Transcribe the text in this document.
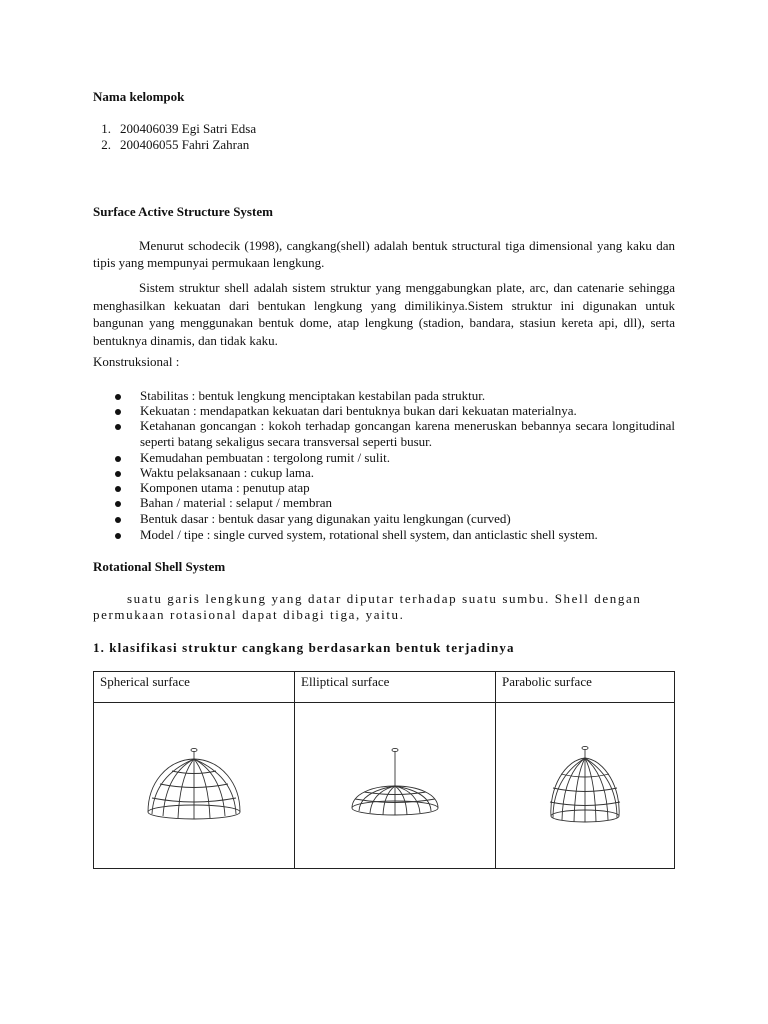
Nama kelompok

1. 200406039 Egi Satri Edsa
2. 200406055 Fahri Zahran

Surface Active Structure System

Menurut schodecik (1998), cangkang(shell) adalah bentuk structural tiga dimensional yang kaku dan tipis yang mempunyai permukaan lengkung.

Sistem struktur shell adalah sistem struktur yang menggabungkan plate, arc, dan catenarie sehingga menghasilkan kekuatan dari bentukan lengkung yang dimilikinya.Sistem struktur ini digunakan untuk bangunan yang menggunakan bentuk dome, atap lengkung (stadion, bandara, stasiun kereta api, dll), serta bentuknya dinamis, dan tidak kaku.

Konstruksional :

Stabilitas : bentuk lengkung menciptakan kestabilan pada struktur.
Kekuatan : mendapatkan kekuatan dari bentuknya bukan dari kekuatan materialnya.
Ketahanan goncangan : kokoh terhadap goncangan karena meneruskan bebannya secara longitudinal seperti batang sekaligus secara transversal seperti busur.
Kemudahan pembuatan : tergolong rumit / sulit.
Waktu pelaksanaan : cukup lama.
Komponen utama : penutup atap
Bahan / material : selaput / membran
Bentuk dasar : bentuk dasar yang digunakan yaitu lengkungan (curved)
Model / tipe : single curved system, rotational shell system, dan anticlastic shell system.

Rotational Shell System

suatu garis lengkung yang datar diputar terhadap suatu sumbu. Shell dengan permukaan rotasional dapat dibagi tiga, yaitu.

1. klasifikasi struktur cangkang berdasarkan bentuk terjadinya

Spherical surface	Elliptical surface	Parabolic surface
